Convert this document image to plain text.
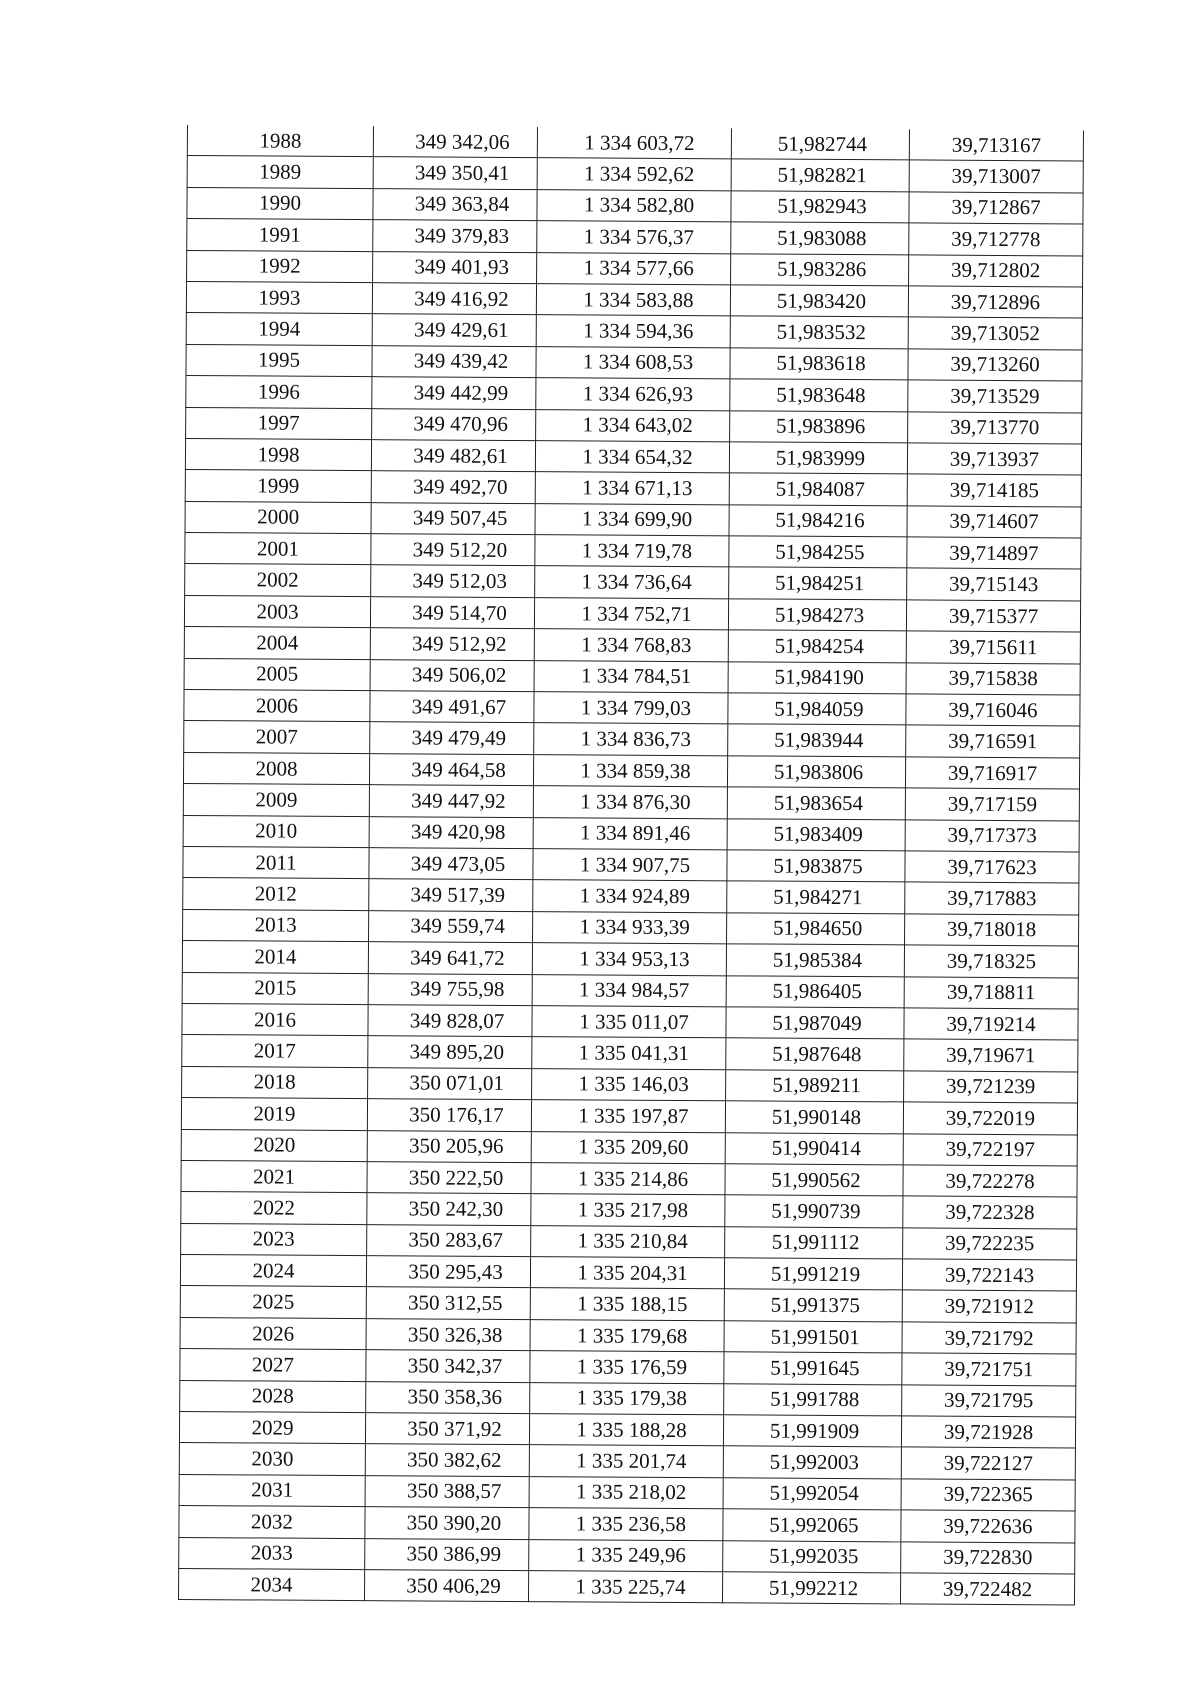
1988	349 342,06	1 334 603,72	51,982744	39,713167
1989	349 350,41	1 334 592,62	51,982821	39,713007
1990	349 363,84	1 334 582,80	51,982943	39,712867
1991	349 379,83	1 334 576,37	51,983088	39,712778
1992	349 401,93	1 334 577,66	51,983286	39,712802
1993	349 416,92	1 334 583,88	51,983420	39,712896
1994	349 429,61	1 334 594,36	51,983532	39,713052
1995	349 439,42	1 334 608,53	51,983618	39,713260
1996	349 442,99	1 334 626,93	51,983648	39,713529
1997	349 470,96	1 334 643,02	51,983896	39,713770
1998	349 482,61	1 334 654,32	51,983999	39,713937
1999	349 492,70	1 334 671,13	51,984087	39,714185
2000	349 507,45	1 334 699,90	51,984216	39,714607
2001	349 512,20	1 334 719,78	51,984255	39,714897
2002	349 512,03	1 334 736,64	51,984251	39,715143
2003	349 514,70	1 334 752,71	51,984273	39,715377
2004	349 512,92	1 334 768,83	51,984254	39,715611
2005	349 506,02	1 334 784,51	51,984190	39,715838
2006	349 491,67	1 334 799,03	51,984059	39,716046
2007	349 479,49	1 334 836,73	51,983944	39,716591
2008	349 464,58	1 334 859,38	51,983806	39,716917
2009	349 447,92	1 334 876,30	51,983654	39,717159
2010	349 420,98	1 334 891,46	51,983409	39,717373
2011	349 473,05	1 334 907,75	51,983875	39,717623
2012	349 517,39	1 334 924,89	51,984271	39,717883
2013	349 559,74	1 334 933,39	51,984650	39,718018
2014	349 641,72	1 334 953,13	51,985384	39,718325
2015	349 755,98	1 334 984,57	51,986405	39,718811
2016	349 828,07	1 335 011,07	51,987049	39,719214
2017	349 895,20	1 335 041,31	51,987648	39,719671
2018	350 071,01	1 335 146,03	51,989211	39,721239
2019	350 176,17	1 335 197,87	51,990148	39,722019
2020	350 205,96	1 335 209,60	51,990414	39,722197
2021	350 222,50	1 335 214,86	51,990562	39,722278
2022	350 242,30	1 335 217,98	51,990739	39,722328
2023	350 283,67	1 335 210,84	51,991112	39,722235
2024	350 295,43	1 335 204,31	51,991219	39,722143
2025	350 312,55	1 335 188,15	51,991375	39,721912
2026	350 326,38	1 335 179,68	51,991501	39,721792
2027	350 342,37	1 335 176,59	51,991645	39,721751
2028	350 358,36	1 335 179,38	51,991788	39,721795
2029	350 371,92	1 335 188,28	51,991909	39,721928
2030	350 382,62	1 335 201,74	51,992003	39,722127
2031	350 388,57	1 335 218,02	51,992054	39,722365
2032	350 390,20	1 335 236,58	51,992065	39,722636
2033	350 386,99	1 335 249,96	51,992035	39,722830
2034	350 406,29	1 335 225,74	51,992212	39,722482
